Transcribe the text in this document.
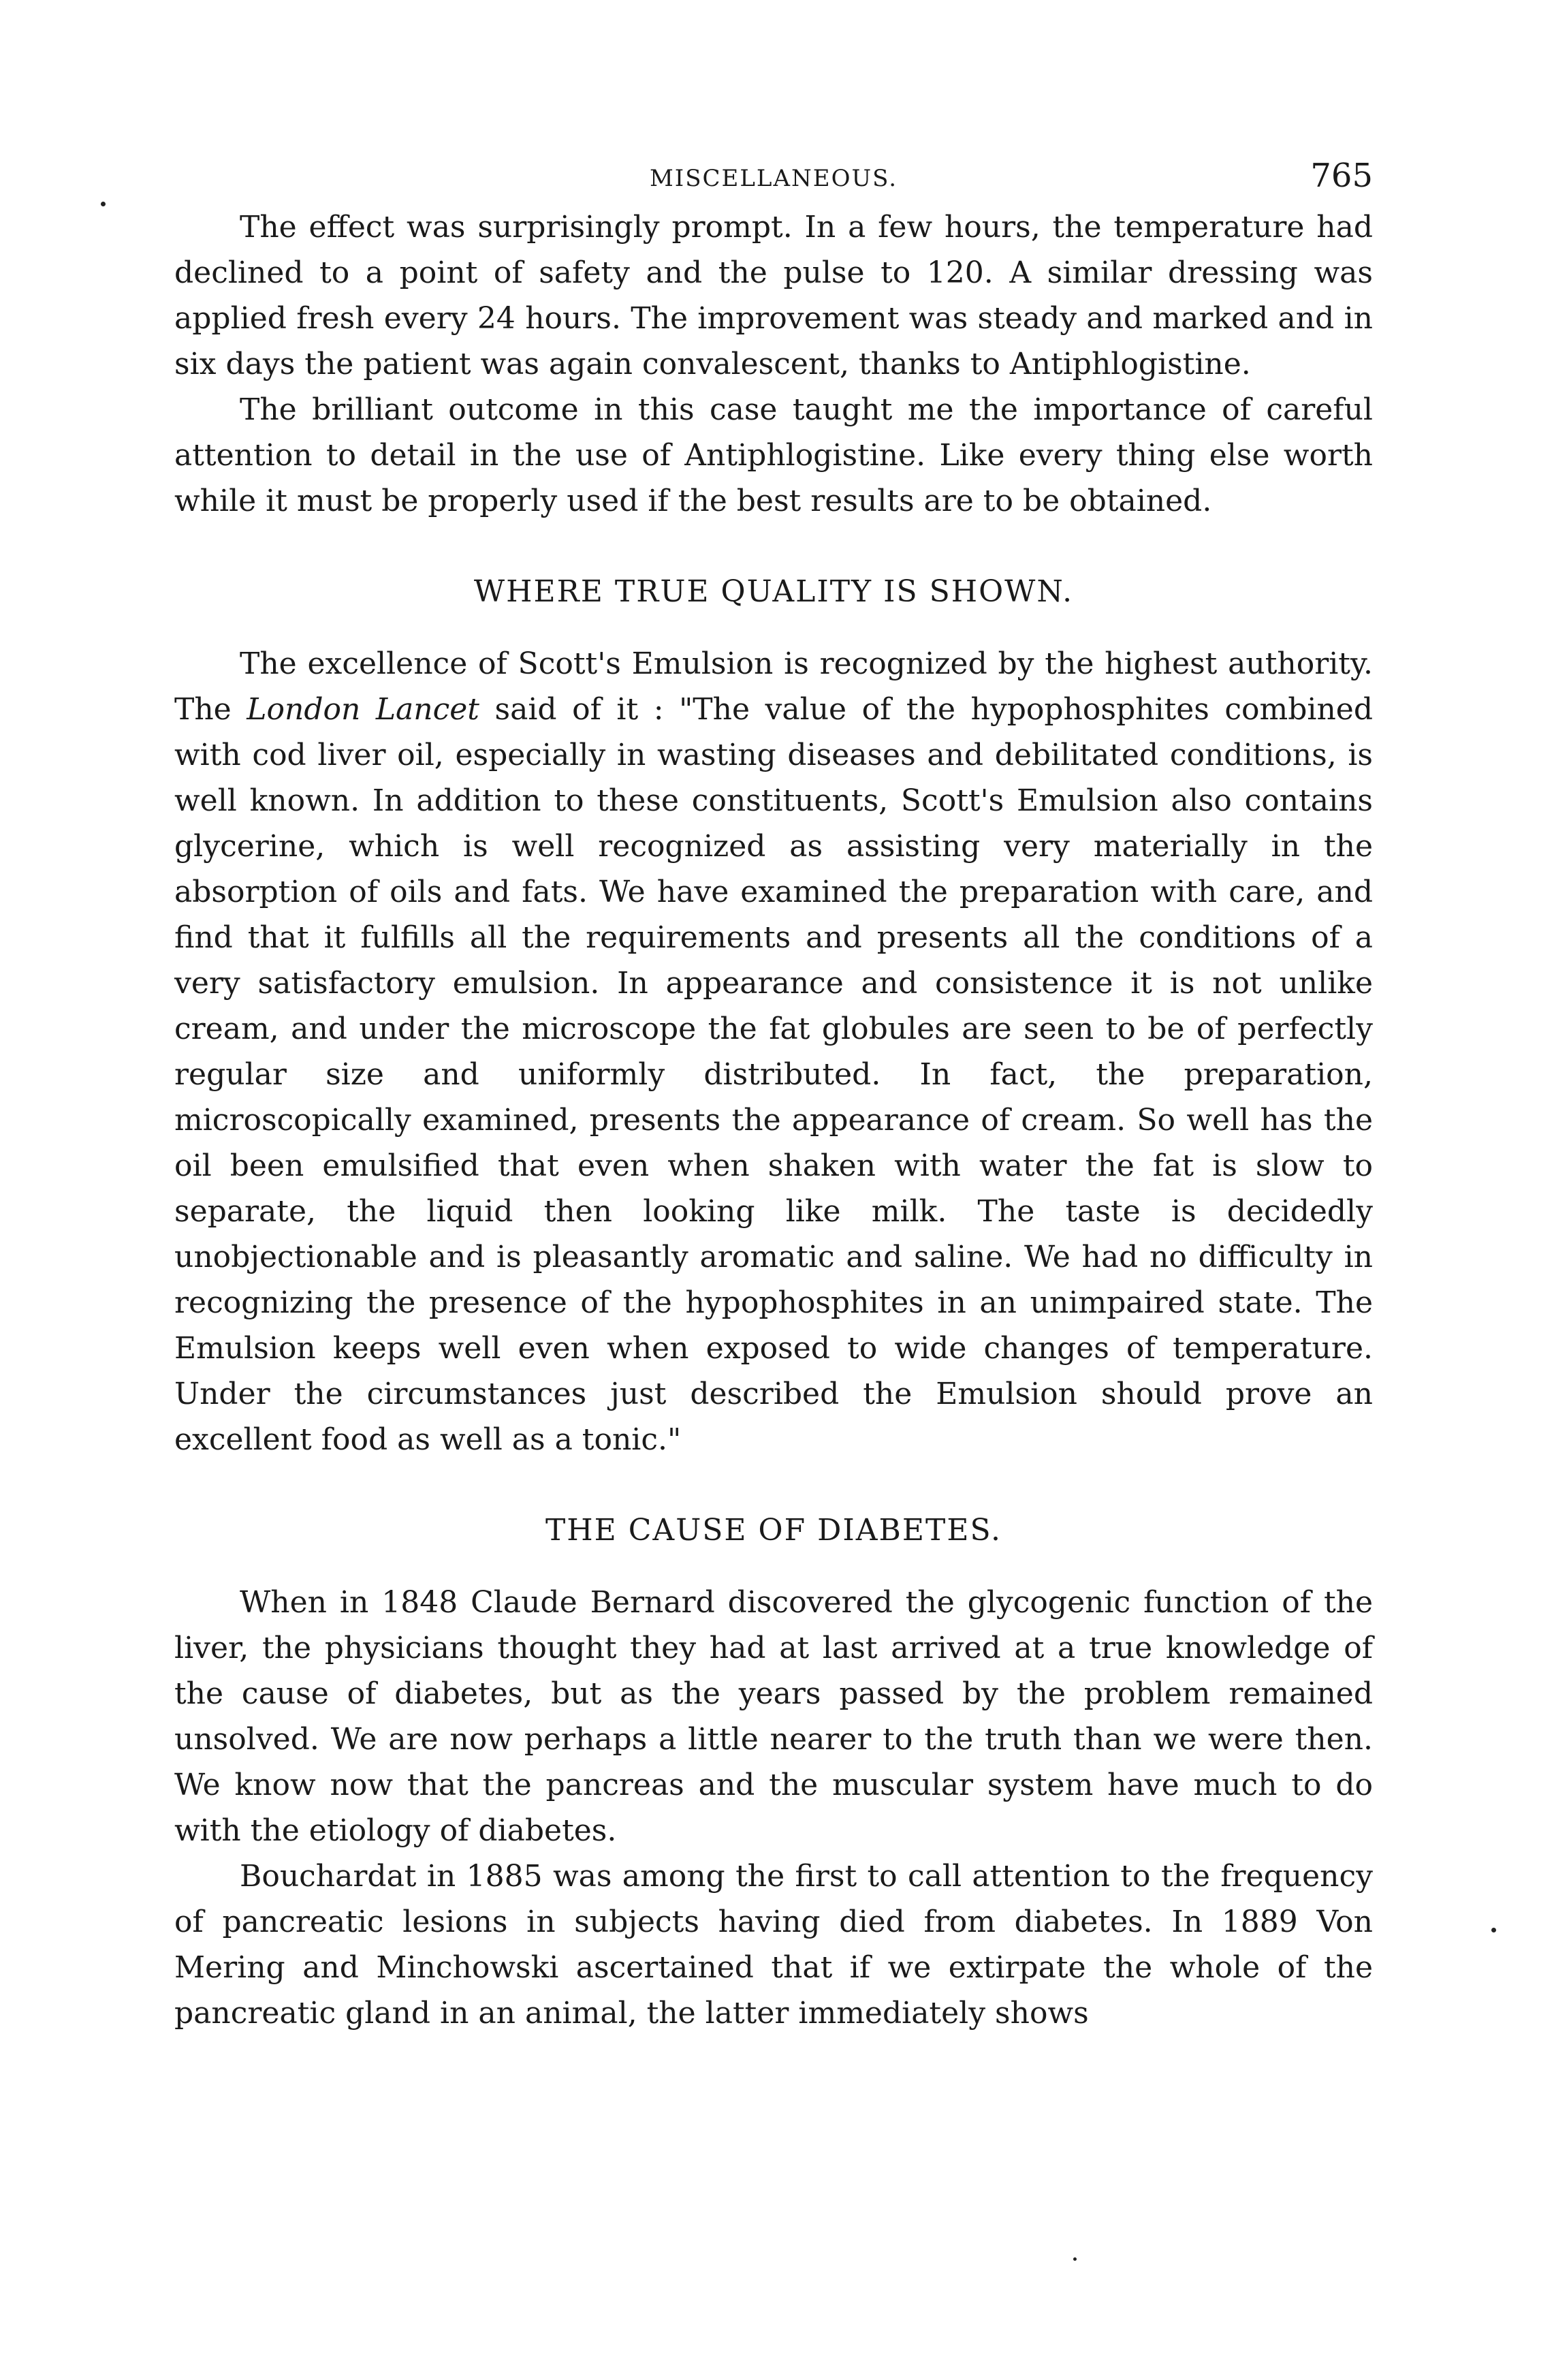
MISCELLANEOUS.	765

The effect was surprisingly prompt. In a few hours, the temperature had declined to a point of safety and the pulse to 120. A similar dressing was applied fresh every 24 hours. The improvement was steady and marked and in six days the patient was again convalescent, thanks to Antiphlogistine.

The brilliant outcome in this case taught me the importance of careful attention to detail in the use of Antiphlogistine. Like every thing else worth while it must be properly used if the best results are to be obtained.

WHERE TRUE QUALITY IS SHOWN.

The excellence of Scott's Emulsion is recognized by the highest authority. The London Lancet said of it : "The value of the hypophosphites combined with cod liver oil, especially in wasting diseases and debilitated conditions, is well known. In addition to these constituents, Scott's Emulsion also contains glycerine, which is well recognized as assisting very materially in the absorption of oils and fats. We have examined the preparation with care, and find that it fulfills all the requirements and presents all the conditions of a very satisfactory emulsion. In appearance and consistence it is not unlike cream, and under the microscope the fat globules are seen to be of perfectly regular size and uniformly distributed. In fact, the preparation, microscopically examined, presents the appearance of cream. So well has the oil been emulsified that even when shaken with water the fat is slow to separate, the liquid then looking like milk. The taste is decidedly unobjectionable and is pleasantly aromatic and saline. We had no difficulty in recognizing the presence of the hypophosphites in an unimpaired state. The Emulsion keeps well even when exposed to wide changes of temperature. Under the circumstances just described the Emulsion should prove an excellent food as well as a tonic."

THE CAUSE OF DIABETES.

When in 1848 Claude Bernard discovered the glycogenic function of the liver, the physicians thought they had at last arrived at a true knowledge of the cause of diabetes, but as the years passed by the problem remained unsolved. We are now perhaps a little nearer to the truth than we were then. We know now that the pancreas and the muscular system have much to do with the etiology of diabetes.

Bouchardat in 1885 was among the first to call attention to the frequency of pancreatic lesions in subjects having died from diabetes. In 1889 Von Mering and Minchowski ascertained that if we extirpate the whole of the pancreatic gland in an animal, the latter immediately shows
